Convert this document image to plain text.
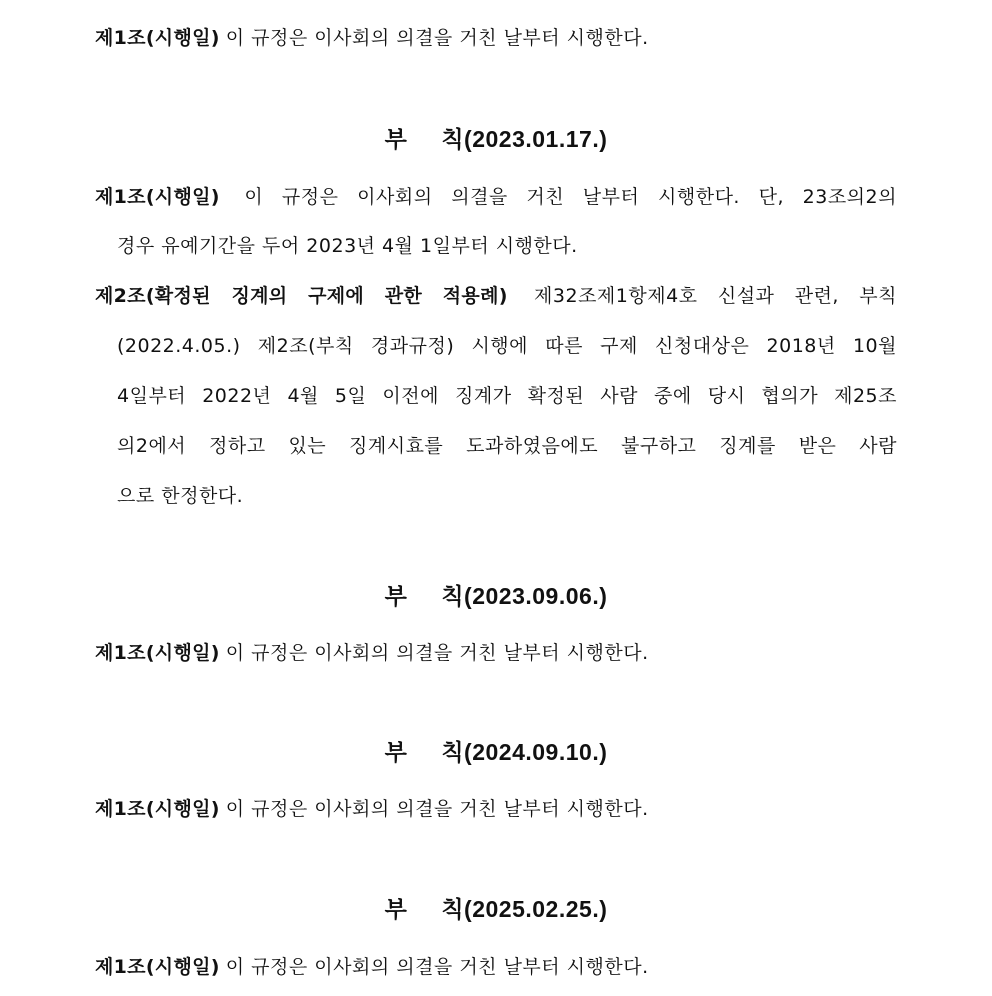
제1조(시행일) 이 규정은 이사회의 의결을 거친 날부터 시행한다.
부 칙(2023.01.17.)
제1조(시행일) 이 규정은 이사회의 의결을 거친 날부터 시행한다. 단, 23조의2의
경우 유예기간을 두어 2023년 4월 1일부터 시행한다.
제2조(확정된 징계의 구제에 관한 적용례) 제32조제1항제4호 신설과 관련, 부칙
(2022.4.05.) 제2조(부칙 경과규정) 시행에 따른 구제 신청대상은 2018년 10월
4일부터 2022년 4월 5일 이전에 징계가 확정된 사람 중에 당시 협의가 제25조
의2에서 정하고 있는 징계시효를 도과하였음에도 불구하고 징계를 받은 사람
으로 한정한다.
부 칙(2023.09.06.)
제1조(시행일) 이 규정은 이사회의 의결을 거친 날부터 시행한다.
부 칙(2024.09.10.)
제1조(시행일) 이 규정은 이사회의 의결을 거친 날부터 시행한다.
부 칙(2025.02.25.)
제1조(시행일) 이 규정은 이사회의 의결을 거친 날부터 시행한다.
